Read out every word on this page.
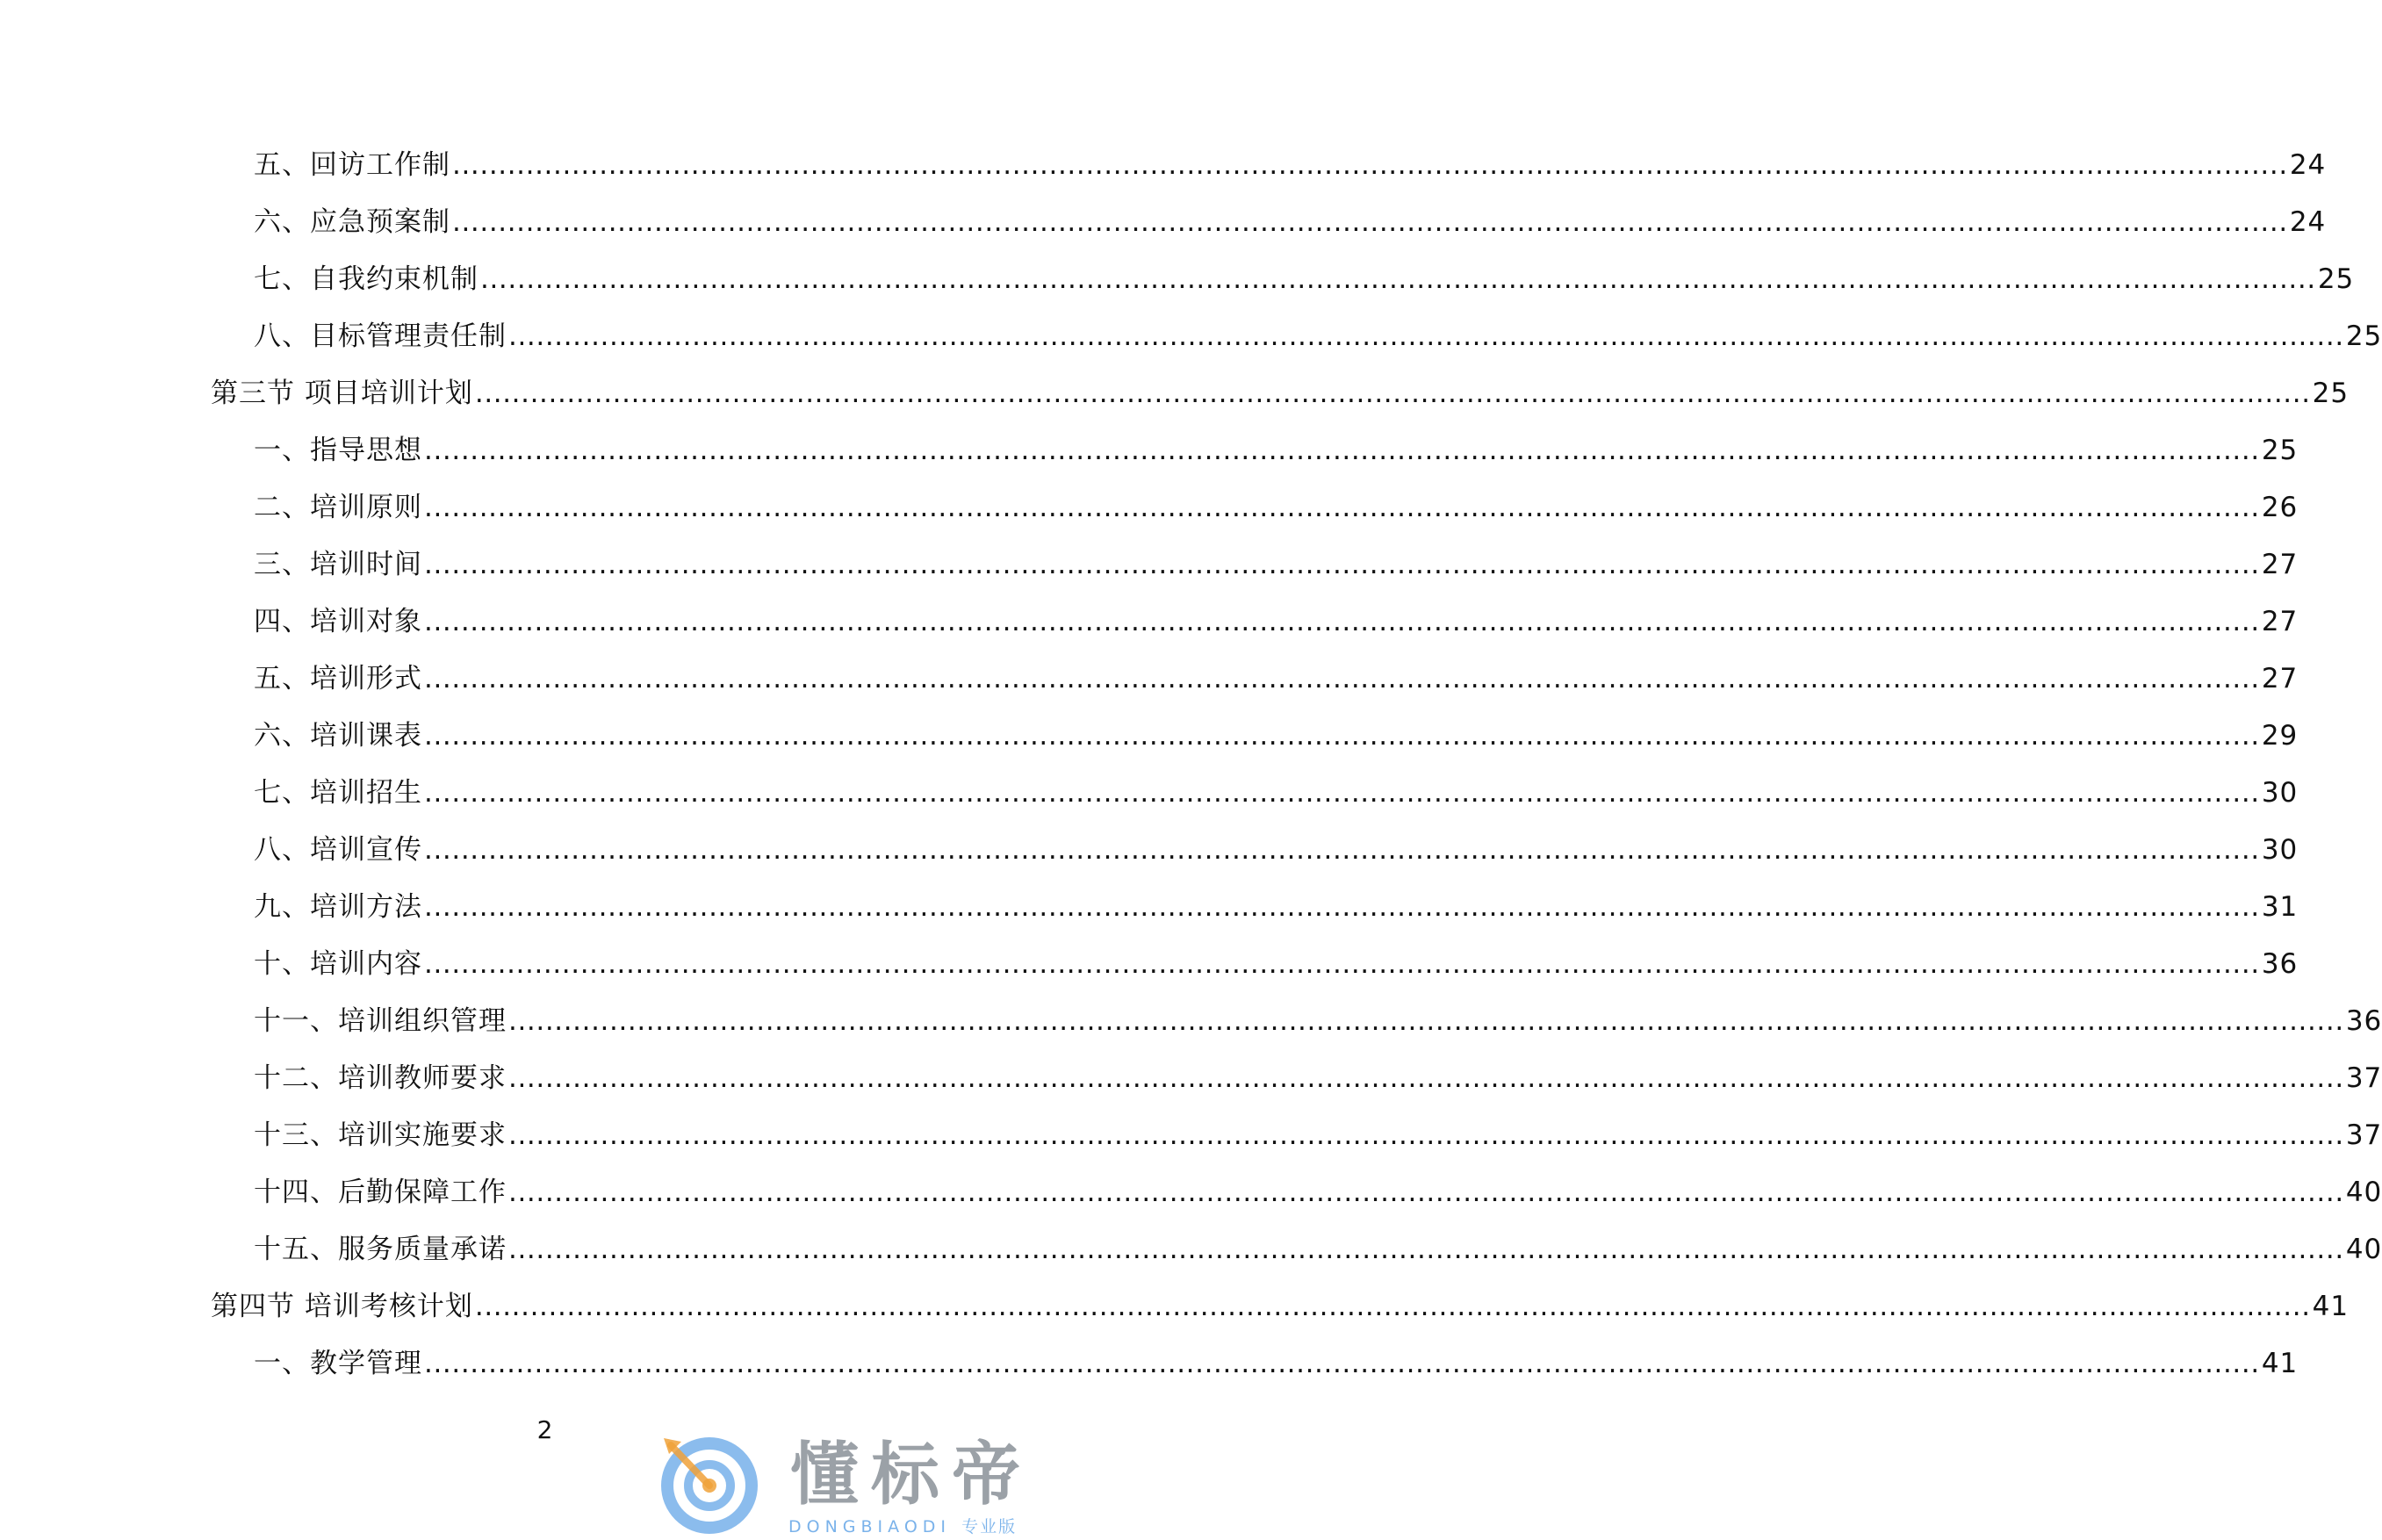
五、回访工作制 ........................................................................................................................................................................................................ 24
六、应急预案制 ........................................................................................................................................................................................................ 24
七、自我约束机制 ........................................................................................................................................................................................................ 25
八、目标管理责任制 ........................................................................................................................................................................................................ 25
第三节 项目培训计划 ........................................................................................................................................................................................................ 25
一、指导思想 ........................................................................................................................................................................................................ 25
二、培训原则 ........................................................................................................................................................................................................ 26
三、培训时间 ........................................................................................................................................................................................................ 27
四、培训对象 ........................................................................................................................................................................................................ 27
五、培训形式 ........................................................................................................................................................................................................ 27
六、培训课表 ........................................................................................................................................................................................................ 29
七、培训招生 ........................................................................................................................................................................................................ 30
八、培训宣传 ........................................................................................................................................................................................................ 30
九、培训方法 ........................................................................................................................................................................................................ 31
十、培训内容 ........................................................................................................................................................................................................ 36
十一、培训组织管理 ........................................................................................................................................................................................................ 36
十二、培训教师要求 ........................................................................................................................................................................................................ 37
十三、培训实施要求 ........................................................................................................................................................................................................ 37
十四、后勤保障工作 ........................................................................................................................................................................................................ 40
十五、服务质量承诺 ........................................................................................................................................................................................................ 40
第四节 培训考核计划 ........................................................................................................................................................................................................ 41
一、教学管理 ........................................................................................................................................................................................................ 41
2
懂标帝
DONGBIAODI 专业版
